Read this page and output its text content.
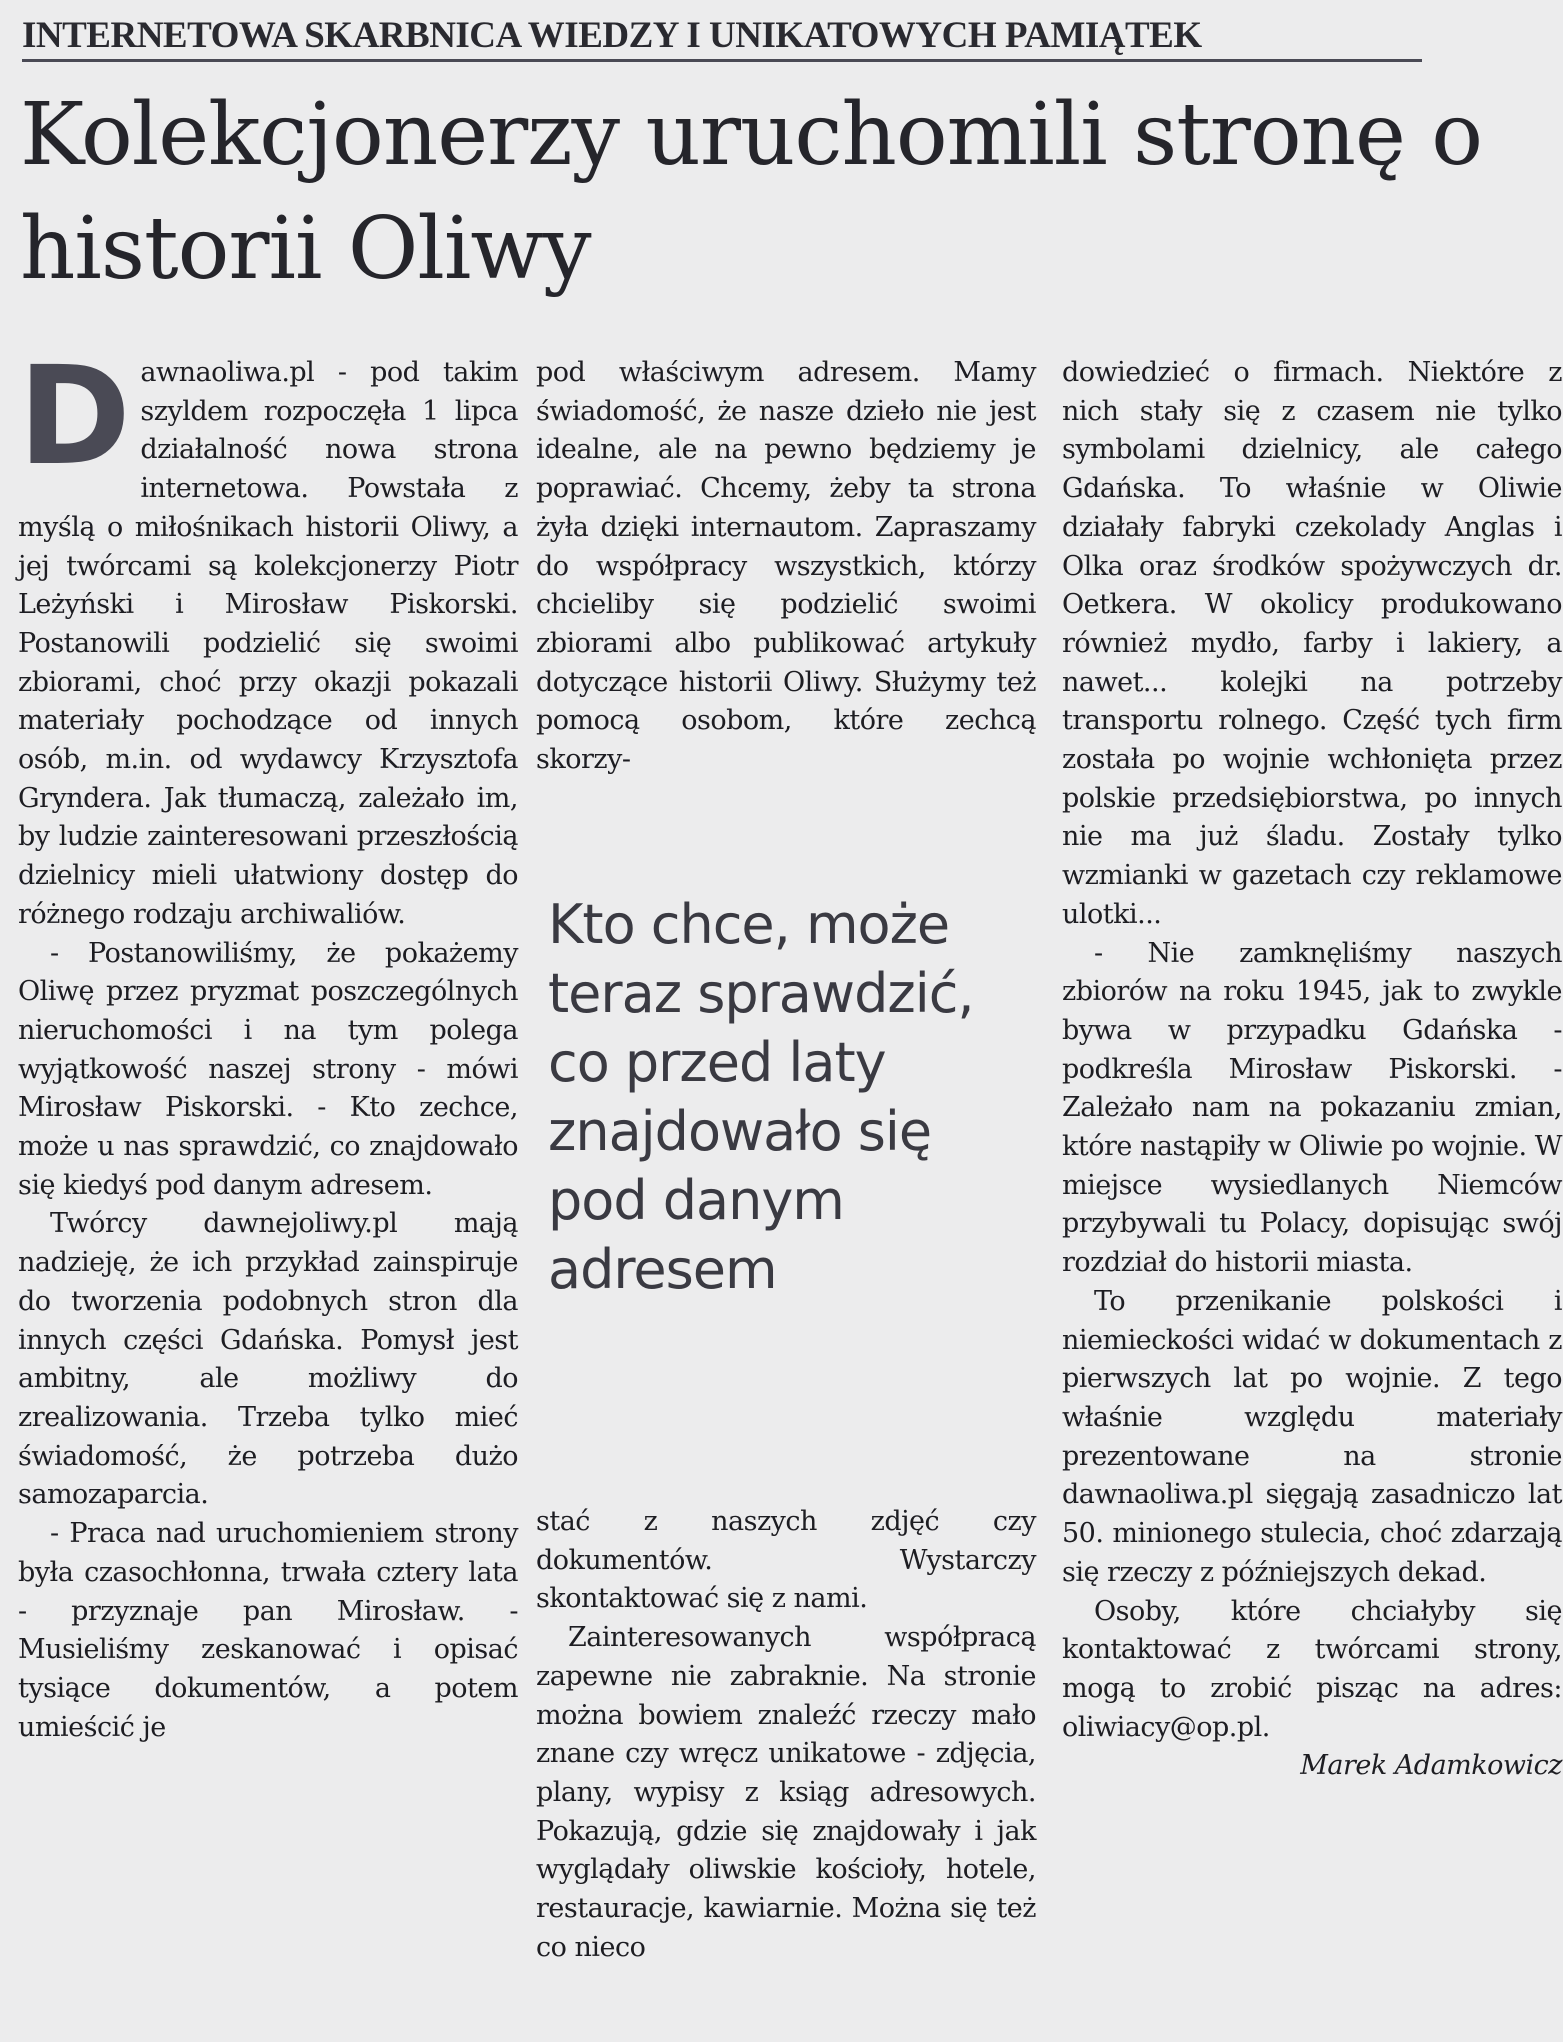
INTERNETOWA SKARBNICA WIEDZY I UNIKATOWYCH PAMIĄTEK
Kolekcjonerzy uruchomili stronę o historii Oliwy

Dawnaoliwa.pl - pod takim szyldem rozpoczęła 1 lipca działalność nowa strona internetowa. Powstała z myślą o miłośnikach historii Oliwy, a jej twórcami są kolekcjonerzy Piotr Leżyński i Mirosław Piskorski. Postanowili podzielić się swoimi zbiorami, choć przy okazji pokazali materiały pochodzące od innych osób, m.in. od wydawcy Krzysztofa Gryndera. Jak tłumaczą, zależało im, by ludzie zainteresowani przeszłością dzielnicy mieli ułatwiony dostęp do różnego rodzaju archiwaliów.

- Postanowiliśmy, że pokażemy Oliwę przez pryzmat poszczególnych nieruchomości i na tym polega wyjątkowość naszej strony - mówi Mirosław Piskorski. - Kto zechce, może u nas sprawdzić, co znajdowało się kiedyś pod danym adresem.

Twórcy dawnejoliwy.pl mają nadzieję, że ich przykład zainspiruje do tworzenia podobnych stron dla innych części Gdańska. Pomysł jest ambitny, ale możliwy do zrealizowania. Trzeba tylko mieć świadomość, że potrzeba dużo samozaparcia.

- Praca nad uruchomieniem strony była czasochłonna, trwała cztery lata - przyznaje pan Mirosław. - Musieliśmy zeskanować i opisać tysiące dokumentów, a potem umieścić je

pod właściwym adresem. Mamy świadomość, że nasze dzieło nie jest idealne, ale na pewno będziemy je poprawiać. Chcemy, żeby ta strona żyła dzięki internautom. Zapraszamy do współpracy wszystkich, którzy chcieliby się podzielić swoimi zbiorami albo publikować artykuły dotyczące historii Oliwy. Służymy też pomocą osobom, które zechcą skorzy-

Kto chce, może teraz sprawdzić, co przed laty znajdowało się pod danym adresem

stać z naszych zdjęć czy dokumentów. Wystarczy skontaktować się z nami.

Zainteresowanych współpracą zapewne nie zabraknie. Na stronie można bowiem znaleźć rzeczy mało znane czy wręcz unikatowe - zdjęcia, plany, wypisy z ksiąg adresowych. Pokazują, gdzie się znajdowały i jak wyglądały oliwskie kościoły, hotele, restauracje, kawiarnie. Można się też co nieco

dowiedzieć o firmach. Niektóre z nich stały się z czasem nie tylko symbolami dzielnicy, ale całego Gdańska. To właśnie w Oliwie działały fabryki czekolady Anglas i Olka oraz środków spożywczych dr. Oetkera. W okolicy produkowano również mydło, farby i lakiery, a nawet... kolejki na potrzeby transportu rolnego. Część tych firm została po wojnie wchłonięta przez polskie przedsiębiorstwa, po innych nie ma już śladu. Zostały tylko wzmianki w gazetach czy reklamowe ulotki...

- Nie zamknęliśmy naszych zbiorów na roku 1945, jak to zwykle bywa w przypadku Gdańska - podkreśla Mirosław Piskorski. - Zależało nam na pokazaniu zmian, które nastąpiły w Oliwie po wojnie. W miejsce wysiedlanych Niemców przybywali tu Polacy, dopisując swój rozdział do historii miasta.

To przenikanie polskości i niemieckości widać w dokumentach z pierwszych lat po wojnie. Z tego właśnie względu materiały prezentowane na stronie dawnaoliwa.pl sięgają zasadniczo lat 50. minionego stulecia, choć zdarzają się rzeczy z późniejszych dekad.

Osoby, które chciałyby się kontaktować z twórcami strony, mogą to zrobić pisząc na adres: oliwiacy@op.pl.

Marek Adamkowicz
